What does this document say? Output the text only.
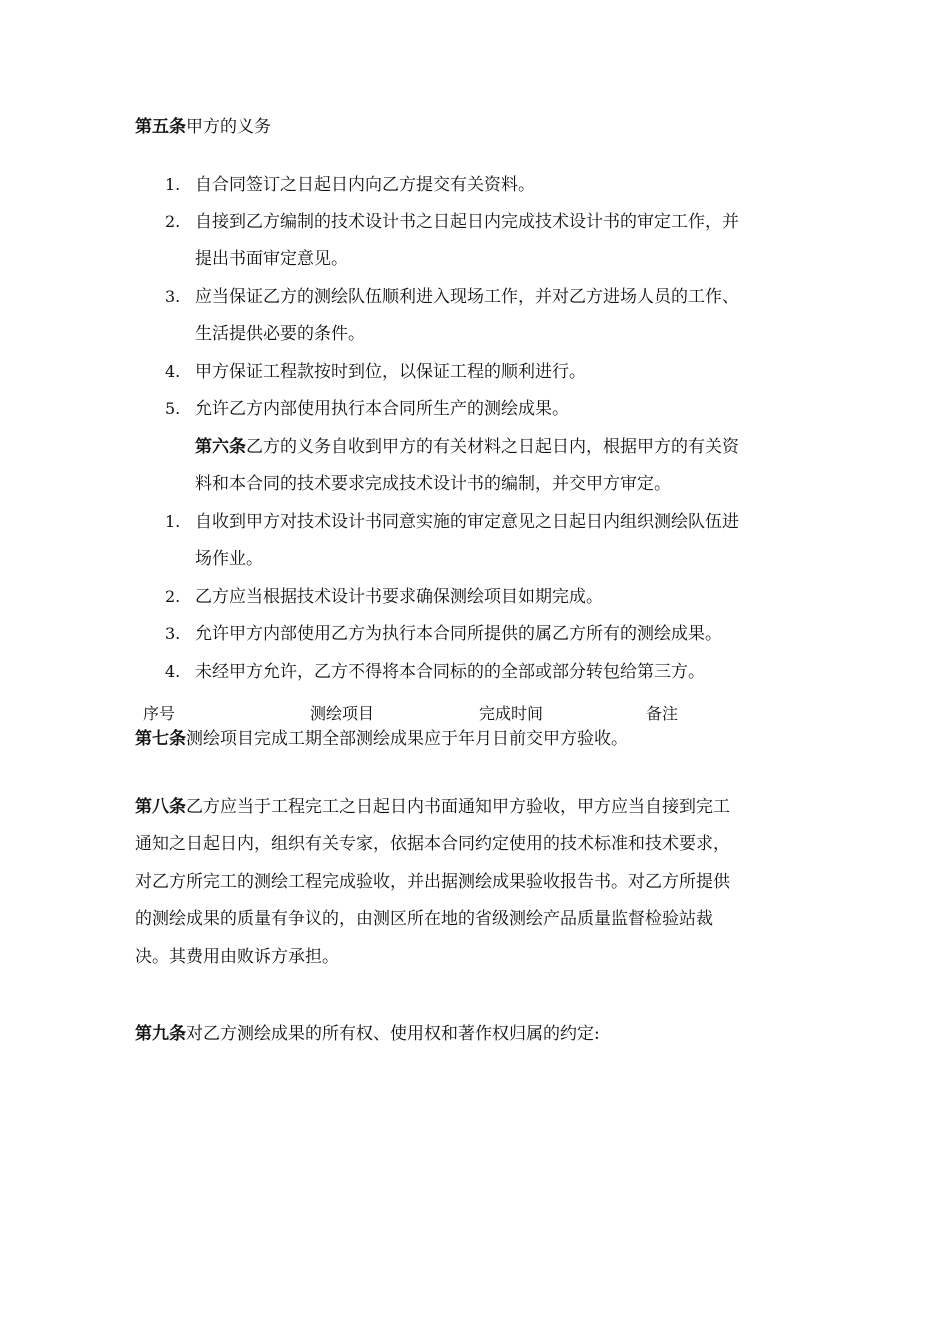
第五条甲方的义务
1. 自合同签订之日起日内向乙方提交有关资料。
2. 自接到乙方编制的技术设计书之日起日内完成技术设计书的审定工作，并
提出书面审定意见。
3. 应当保证乙方的测绘队伍顺利进入现场工作，并对乙方进场人员的工作、
生活提供必要的条件。
4. 甲方保证工程款按时到位，以保证工程的顺利进行。
5. 允许乙方内部使用执行本合同所生产的测绘成果。
第六条乙方的义务自收到甲方的有关材料之日起日内，根据甲方的有关资
料和本合同的技术要求完成技术设计书的编制，并交甲方审定。
1. 自收到甲方对技术设计书同意实施的审定意见之日起日内组织测绘队伍进
场作业。
2. 乙方应当根据技术设计书要求确保测绘项目如期完成。
3. 允许甲方内部使用乙方为执行本合同所提供的属乙方所有的测绘成果。
4. 未经甲方允许，乙方不得将本合同标的的全部或部分转包给第三方。
序号	测绘项目	完成时间	备注
第七条测绘项目完成工期全部测绘成果应于年月日前交甲方验收。
第八条乙方应当于工程完工之日起日内书面通知甲方验收，甲方应当自接到完工
通知之日起日内，组织有关专家，依据本合同约定使用的技术标准和技术要求，
对乙方所完工的测绘工程完成验收，并出据测绘成果验收报告书。对乙方所提供
的测绘成果的质量有争议的，由测区所在地的省级测绘产品质量监督检验站裁
决。其费用由败诉方承担。
第九条对乙方测绘成果的所有权、使用权和著作权归属的约定:
